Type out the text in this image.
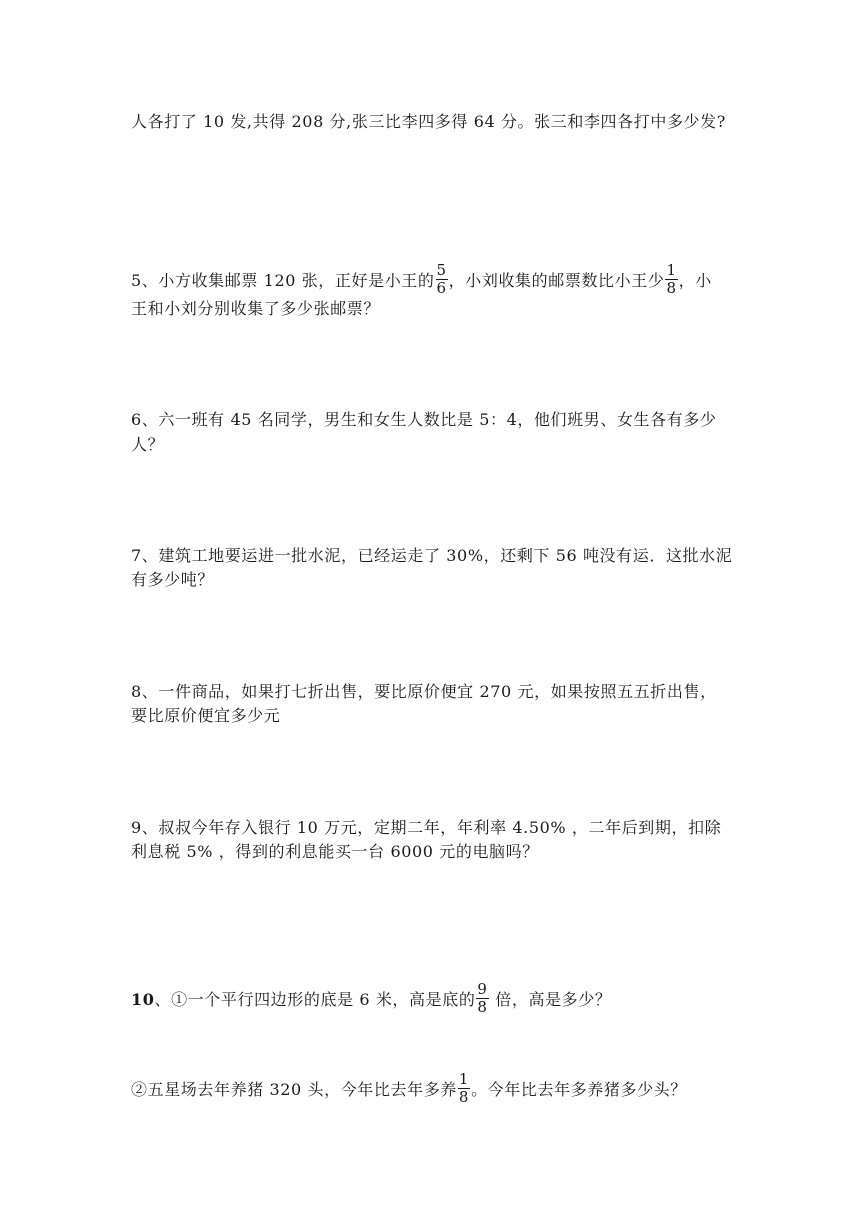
人各打了 10 发,共得 208 分,张三比李四多得 64 分。张三和李四各打中多少发?
5、小方收集邮票 120 张，正好是小王的 $\frac{5}{6}$ ，小刘收集的邮票数比小王少 $\frac{1}{8}$ ，小
王和小刘分别收集了多少张邮票？
6、六一班有 45 名同学，男生和女生人数比是 5：4，他们班男、女生各有多少
人？
7、建筑工地要运进一批水泥，已经运走了 30%，还剩下 56 吨没有运．这批水泥
有多少吨？
8、一件商品，如果打七折出售，要比原价便宜 270 元，如果按照五五折出售，
要比原价便宜多少元
9、叔叔今年存入银行 10 万元，定期二年，年利率 4.50% ，二年后到期，扣除
利息税 5% ，得到的利息能买一台 6000 元的电脑吗？
10、①一个平行四边形的底是 6 米，高是底的 $\frac{9}{8}$ 倍，高是多少？
②五星场去年养猪 320 头，今年比去年多养 $\frac{1}{8}$ 。今年比去年多养猪多少头？
